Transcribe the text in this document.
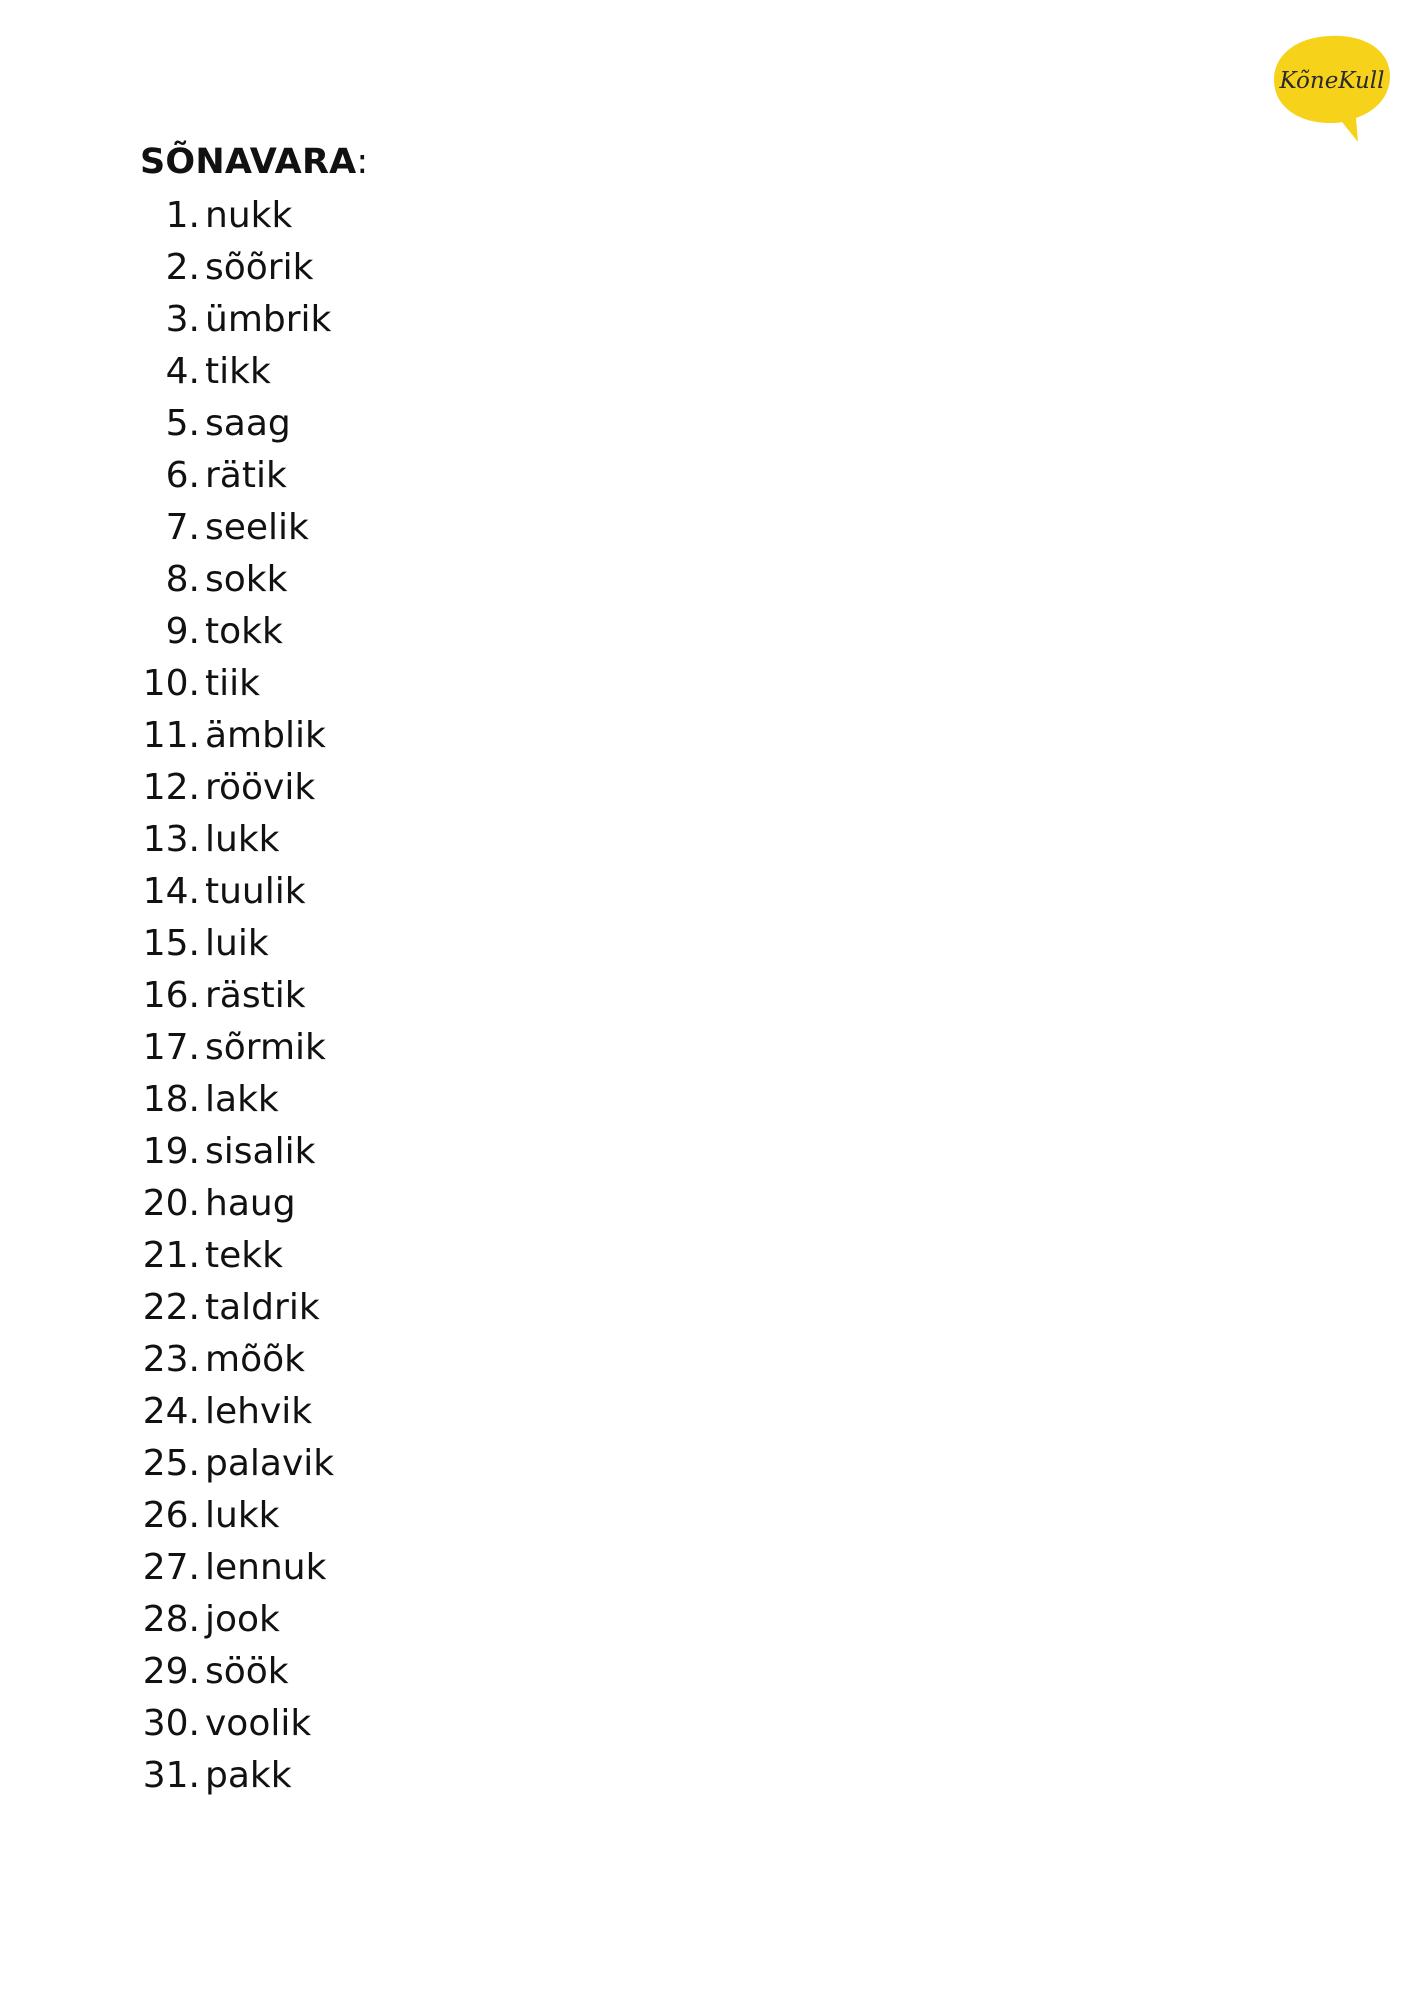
KõneKull
SÕNAVARA:
1. nukk
2. sõõrik
3. ümbrik
4. tikk
5. saag
6. rätik
7. seelik
8. sokk
9. tokk
10. tiik
11. ämblik
12. röövik
13. lukk
14. tuulik
15. luik
16. rästik
17. sõrmik
18. lakk
19. sisalik
20. haug
21. tekk
22. taldrik
23. mõõk
24. lehvik
25. palavik
26. lukk
27. lennuk
28. jook
29. söök
30. voolik
31. pakk
